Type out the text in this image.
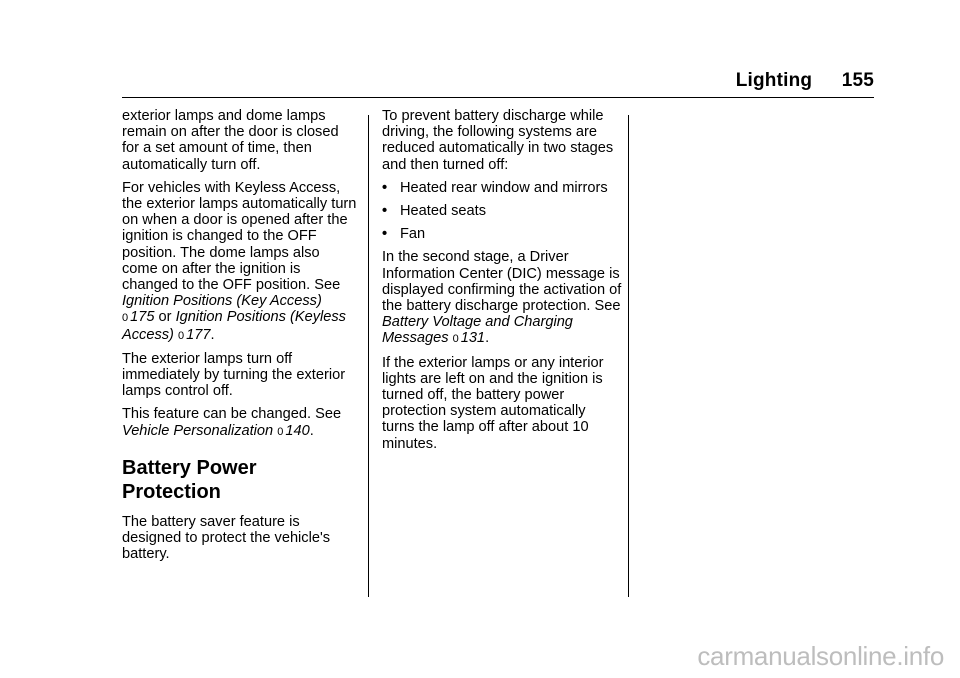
Lighting 155

exterior lamps and dome lamps remain on after the door is closed for a set amount of time, then automatically turn off.

For vehicles with Keyless Access, the exterior lamps automatically turn on when a door is opened after the ignition is changed to the OFF position. The dome lamps also come on after the ignition is changed to the OFF position. See Ignition Positions (Key Access) 0 175 or Ignition Positions (Keyless Access) 0 177.

The exterior lamps turn off immediately by turning the exterior lamps control off.

This feature can be changed. See Vehicle Personalization 0 140.

Battery Power Protection

The battery saver feature is designed to protect the vehicle's battery.

To prevent battery discharge while driving, the following systems are reduced automatically in two stages and then turned off:

• Heated rear window and mirrors
• Heated seats
• Fan

In the second stage, a Driver Information Center (DIC) message is displayed confirming the activation of the battery discharge protection. See Battery Voltage and Charging Messages 0 131.

If the exterior lamps or any interior lights are left on and the ignition is turned off, the battery power protection system automatically turns the lamp off after about 10 minutes.

carmanualsonline.info
